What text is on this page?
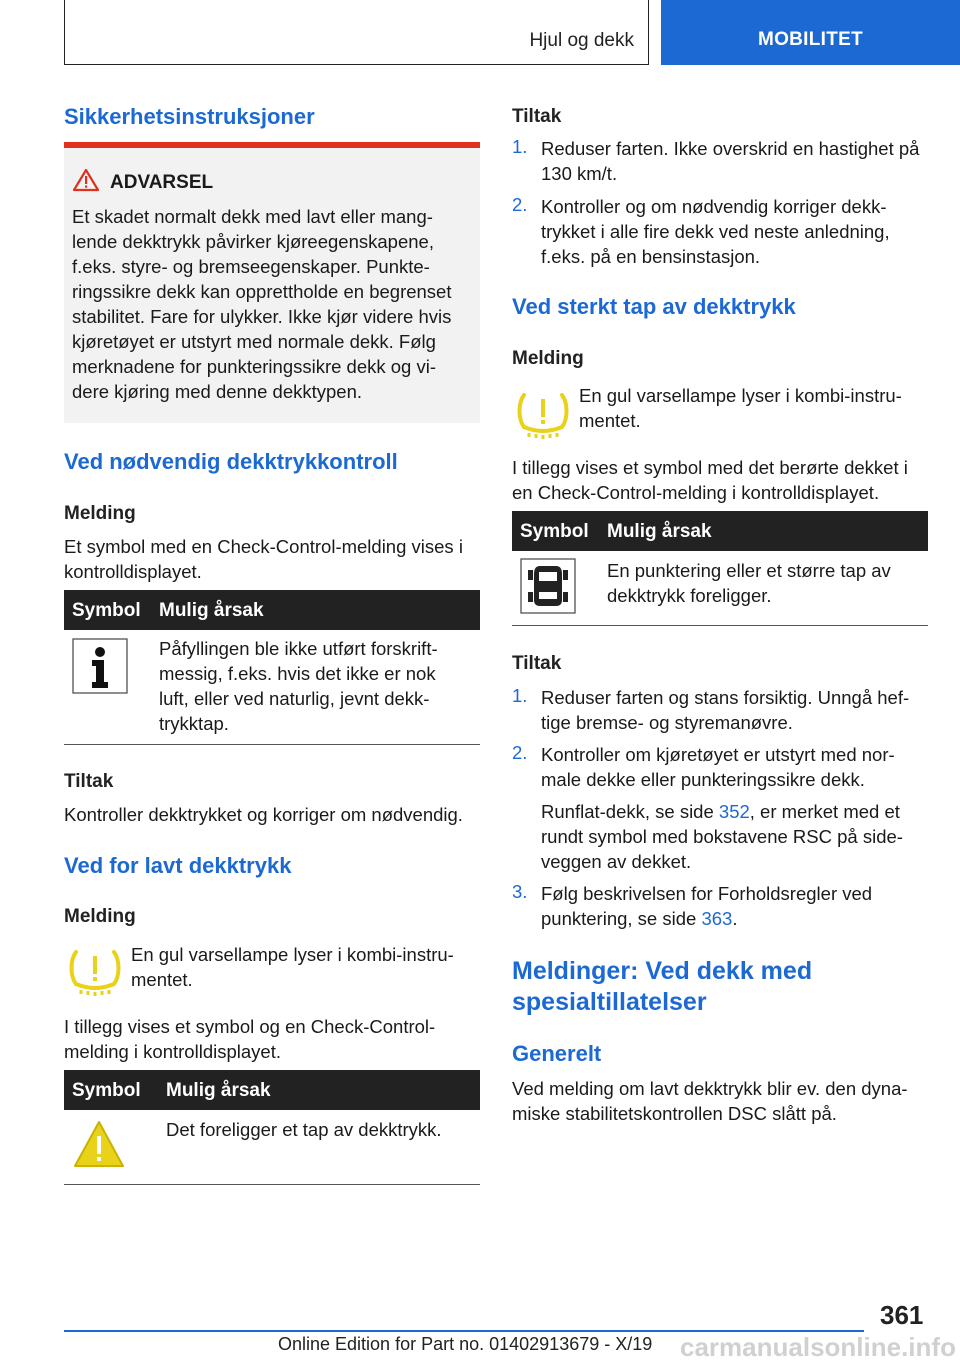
Hjul og dekk	MOBILITET
Sikkerhetsinstruksjoner
ADVARSEL
Et skadet normalt dekk med lavt eller mang-
lende dekktrykk påvirker kjøreegenskapene,
f.eks. styre- og bremseegenskaper. Punkte-
ringssikre dekk kan opprettholde en begrenset
stabilitet. Fare for ulykker. Ikke kjør videre hvis
kjøretøyet er utstyrt med normale dekk. Følg
merknadene for punkteringssikre dekk og vi-
dere kjøring med denne dekktypen.
Ved nødvendig dekktrykkontroll
Melding
Et symbol med en Check-Control-melding vises i
kontrolldisplayet.
Symbol Mulig årsak
Påfyllingen ble ikke utført forskrift-
messig, f.eks. hvis det ikke er nok
luft, eller ved naturlig, jevnt dekk-
trykktap.
Tiltak
Kontroller dekktrykket og korriger om nødvendig.
Ved for lavt dekktrykk
Melding
En gul varsellampe lyser i kombi-instru-
mentet.
I tillegg vises et symbol og en Check-Control-
melding i kontrolldisplayet.
Symbol Mulig årsak
Det foreligger et tap av dekktrykk.
Tiltak
1. Reduser farten. Ikke overskrid en hastighet på
130 km/t.
2. Kontroller og om nødvendig korriger dekk-
trykket i alle fire dekk ved neste anledning,
f.eks. på en bensinstasjon.
Ved sterkt tap av dekktrykk
Melding
En gul varsellampe lyser i kombi-instru-
mentet.
I tillegg vises et symbol med det berørte dekket i
en Check-Control-melding i kontrolldisplayet.
Symbol Mulig årsak
En punktering eller et større tap av
dekktrykk foreligger.
Tiltak
1. Reduser farten og stans forsiktig. Unngå hef-
tige bremse- og styremanøvre.
2. Kontroller om kjøretøyet er utstyrt med nor-
male dekke eller punkteringssikre dekk.
Runflat-dekk, se side 352, er merket med et
rundt symbol med bokstavene RSC på side-
veggen av dekket.
3. Følg beskrivelsen for Forholdsregler ved
punktering, se side 363.
Meldinger: Ved dekk med
spesialtillatelser
Generelt
Ved melding om lavt dekktrykk blir ev. den dyna-
miske stabilitetskontrollen DSC slått på.
361
Online Edition for Part no. 01402913679 - X/19 carmanualsonline.info
